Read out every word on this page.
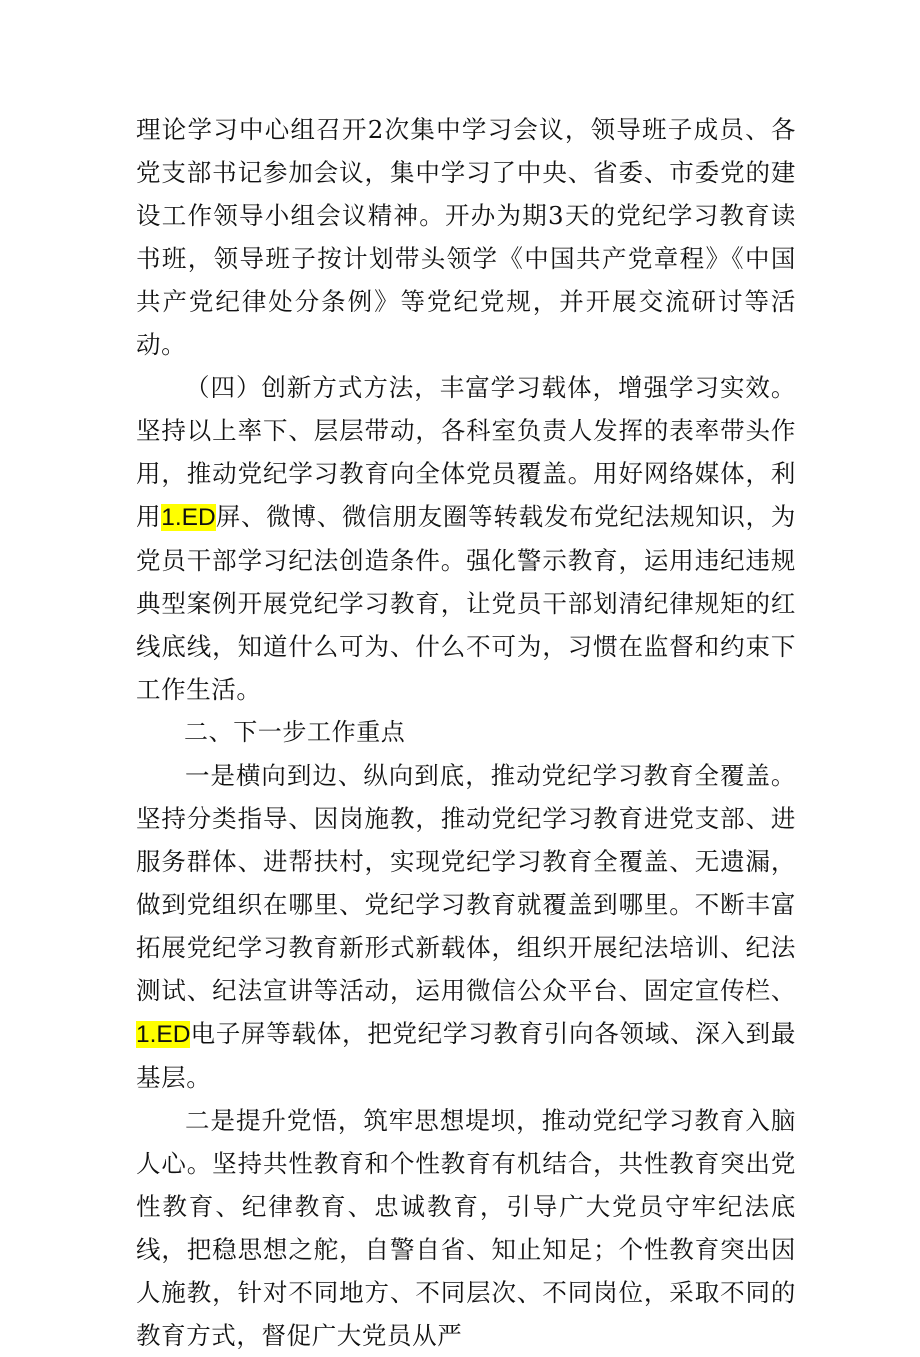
理论学习中心组召开2次集中学习会议，领导班子成员、各党支部书记参加会议，集中学习了中央、省委、市委党的建设工作领导小组会议精神。开办为期3天的党纪学习教育读书班，领导班子按计划带头领学《中国共产党章程》《中国共产党纪律处分条例》等党纪党规，并开展交流研讨等活动。

（四）创新方式方法，丰富学习载体，增强学习实效。坚持以上率下、层层带动，各科室负责人发挥的表率带头作用，推动党纪学习教育向全体党员覆盖。用好网络媒体，利用1.ED屏、微博、微信朋友圈等转载发布党纪法规知识，为党员干部学习纪法创造条件。强化警示教育，运用违纪违规典型案例开展党纪学习教育，让党员干部划清纪律规矩的红线底线，知道什么可为、什么不可为，习惯在监督和约束下工作生活。

二、下一步工作重点

一是横向到边、纵向到底，推动党纪学习教育全覆盖。坚持分类指导、因岗施教，推动党纪学习教育进党支部、进服务群体、进帮扶村，实现党纪学习教育全覆盖、无遗漏，做到党组织在哪里、党纪学习教育就覆盖到哪里。不断丰富拓展党纪学习教育新形式新载体，组织开展纪法培训、纪法测试、纪法宣讲等活动，运用微信公众平台、固定宣传栏、1.ED电子屏等载体，把党纪学习教育引向各领域、深入到最基层。

二是提升党悟，筑牢思想堤坝，推动党纪学习教育入脑人心。坚持共性教育和个性教育有机结合，共性教育突出党性教育、纪律教育、忠诚教育，引导广大党员守牢纪法底线，把稳思想之舵，自警自省、知止知足；个性教育突出因人施教，针对不同地方、不同层次、不同岗位，采取不同的教育方式，督促广大党员从严
